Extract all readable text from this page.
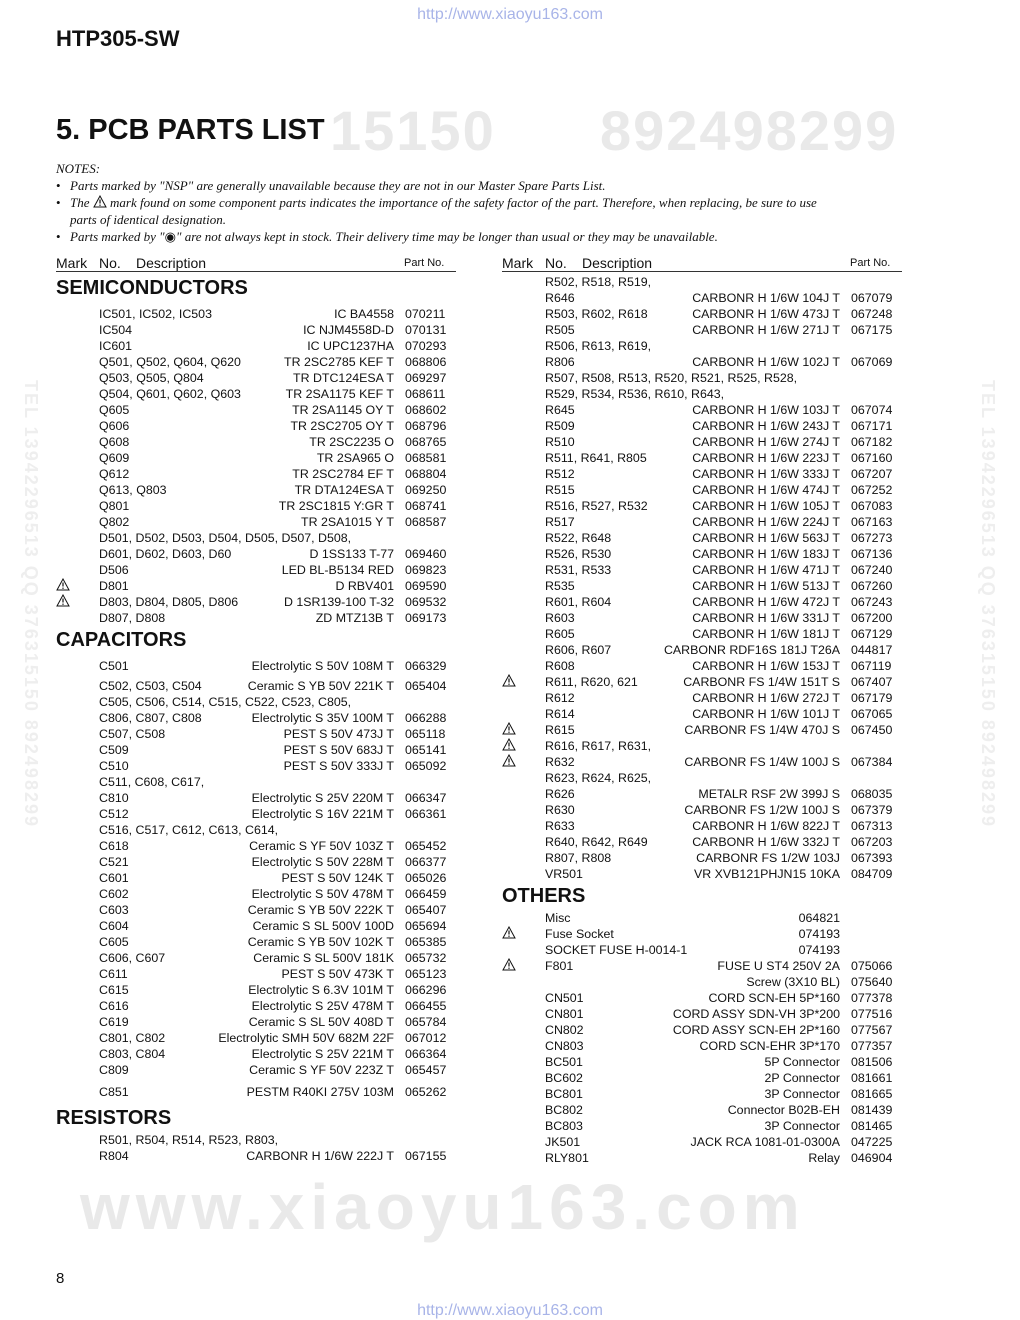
15150 892498299
www.xiaoyu163.com
TEL 13942296513 QQ 376315150 892498299
TEL 13942296513 QQ 376315150 892498299
http://www.xiaoyu163.com
HTP305-SW
5. PCB PARTS LIST
NOTES:
• Parts marked by "NSP" are generally unavailable because they are not in our Master Spare Parts List.
• The mark found on some component parts indicates the importance of the safety factor of the part. Therefore, when replacing, be sure to use
parts of identical designation.
• Parts marked by "◉" are not always kept in stock. Their delivery time may be longer than usual or they may be unavailable.
Mark No. Description	Part No.
SEMICONDUCTORS
IC501, IC502, IC503	IC BA4558 070211
IC504	IC NJM4558D-D 070131
IC601	IC UPC1237HA 070293
Q501, Q502, Q604, Q620	TR 2SC2785 KEF T 068806
Q503, Q505, Q804	TR DTC124ESA T 069297
Q504, Q601, Q602, Q603	TR 2SA1175 KEF T 068611
Q605	TR 2SA1145 OY T 068602
Q606	TR 2SC2705 OY T 068796
Q608	TR 2SC2235 O 068765
Q609	TR 2SA965 O 068581
Q612	TR 2SC2784 EF T 068804
Q613, Q803	TR DTA124ESA T 069250
Q801	TR 2SC1815 Y:GR T 068741
Q802	TR 2SA1015 Y T 068587
D501, D502, D503, D504, D505, D507, D508,
D601, D602, D603, D60	D 1SS133 T-77 069460
D506	LED BL-B5134 RED 069823
D801	D RBV401 069590
D803, D804, D805, D806	D 1SR139-100 T-32 069532
D807, D808	ZD MTZ13B T 069173
CAPACITORS
C501	Electrolytic S 50V 108M T 066329
C502, C503, C504	Ceramic S YB 50V 221K T 065404
C505, C506, C514, C515, C522, C523, C805,
C806, C807, C808	Electrolytic S 35V 100M T 066288
C507, C508	PEST S 50V 473J T 065118
C509	PEST S 50V 683J T 065141
C510	PEST S 50V 333J T 065092
C511, C608, C617,
C810	Electrolytic S 25V 220M T 066347
C512	Electrolytic S 16V 221M T 066361
C516, C517, C612, C613, C614,
C618	Ceramic S YF 50V 103Z T 065452
C521	Electrolytic S 50V 228M T 066377
C601	PEST S 50V 124K T 065026
C602	Electrolytic S 50V 478M T 066459
C603	Ceramic S YB 50V 222K T 065407
C604	Ceramic S SL 500V 100D 065694
C605	Ceramic S YB 50V 102K T 065385
C606, C607	Ceramic S SL 500V 181K 065732
C611	PEST S 50V 473K T 065123
C615	Electrolytic S 6.3V 101M T 066296
C616	Electrolytic S 25V 478M T 066455
C619	Ceramic S SL 50V 408D T 065784
C801, C802	Electrolytic SMH 50V 682M 22F 067012
C803, C804	Electrolytic S 25V 221M T 066364
C809	Ceramic S YF 50V 223Z T 065457
C851	PESTM R40KI 275V 103M 065262
RESISTORS
R501, R504, R514, R523, R803,
R804	CARBONR H 1/6W 222J T 067155
Mark No. Description	Part No.
R502, R518, R519,
R646	CARBONR H 1/6W 104J T 067079
R503, R602, R618	CARBONR H 1/6W 473J T 067248
R505	CARBONR H 1/6W 271J T 067175
R506, R613, R619,
R806	CARBONR H 1/6W 102J T 067069
R507, R508, R513, R520, R521, R525, R528,
R529, R534, R536, R610, R643,
R645	CARBONR H 1/6W 103J T 067074
R509	CARBONR H 1/6W 243J T 067171
R510	CARBONR H 1/6W 274J T 067182
R511, R641, R805	CARBONR H 1/6W 223J T 067160
R512	CARBONR H 1/6W 333J T 067207
R515	CARBONR H 1/6W 474J T 067252
R516, R527, R532	CARBONR H 1/6W 105J T 067083
R517	CARBONR H 1/6W 224J T 067163
R522, R648	CARBONR H 1/6W 563J T 067273
R526, R530	CARBONR H 1/6W 183J T 067136
R531, R533	CARBONR H 1/6W 471J T 067240
R535	CARBONR H 1/6W 513J T 067260
R601, R604	CARBONR H 1/6W 472J T 067243
R603	CARBONR H 1/6W 331J T 067200
R605	CARBONR H 1/6W 181J T 067129
R606, R607	CARBONR RDF16S 181J T26A 044817
R608	CARBONR H 1/6W 153J T 067119
R611, R620, 621	CARBONR FS 1/4W 151T S 067407
R612	CARBONR H 1/6W 272J T 067179
R614	CARBONR H 1/6W 101J T 067065
R615	CARBONR FS 1/4W 470J S 067450
R616, R617, R631,
R632	CARBONR FS 1/4W 100J S 067384
R623, R624, R625,
R626	METALR RSF 2W 399J S 068035
R630	CARBONR FS 1/2W 100J S 067379
R633	CARBONR H 1/6W 822J T 067313
R640, R642, R649	CARBONR H 1/6W 332J T 067203
R807, R808	CARBONR FS 1/2W 103J 067393
VR501	VR XVB121PHJN15 10KA 084709
OTHERS
Misc	064821
Fuse Socket	074193
SOCKET FUSE H-0014-1	074193
F801	FUSE U ST4 250V 2A 075066
Screw (3X10 BL) 075640
CN501	CORD SCN-EH 5P*160 077378
CN801	CORD ASSY SDN-VH 3P*200 077516
CN802	CORD ASSY SCN-EH 2P*160 077567
CN803	CORD SCN-EHR 3P*170 077357
BC501	5P Connector 081506
BC602	2P Connector 081661
BC801	3P Connector 081665
BC802	Connector B02B-EH 081439
BC803	3P Connector 081465
JK501	JACK RCA 1081-01-0300A 047225
RLY801	Relay 046904
8
http://www.xiaoyu163.com
